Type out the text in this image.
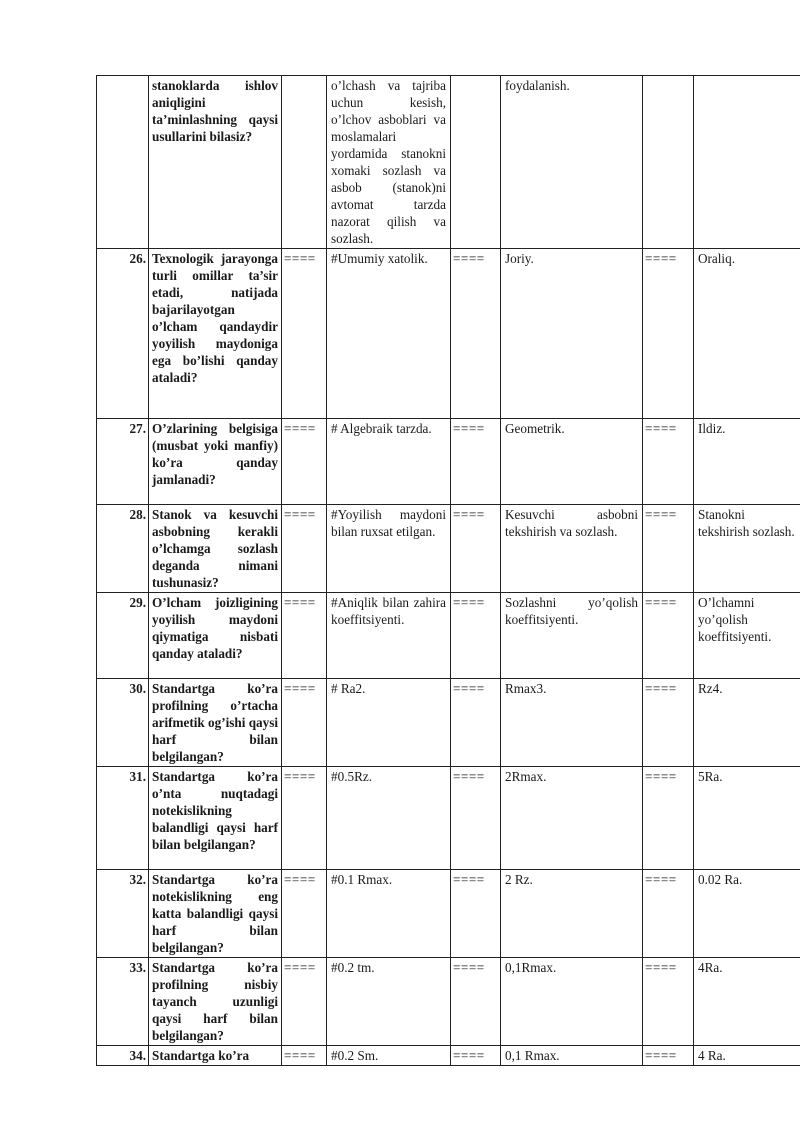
	stanoklarda ishlov aniqligini ta’minlashning qaysi usullarini bilasiz?		o’lchash va tajriba uchun kesish, o’lchov asboblari va moslamalari yordamida stanokni xomaki sozlash va asbob (stanok)ni avtomat tarzda nazorat qilish va sozlash.		foydalanish.		
26.	Texnologik jarayonga turli omillar ta’sir etadi, natijada bajarilayotgan o’lcham qandaydir yoyilish maydoniga ega bo’lishi qanday ataladi?	====	#Umumiy xatolik.	====	Joriy.	====	Oraliq.
27.	O’zlarining belgisiga (musbat yoki manfiy) ko’ra qanday jamlanadi?	====	# Algebraik tarzda.	====	Geometrik.	====	Ildiz.
28.	Stanok va kesuvchi asbobning kerakli o’lchamga sozlash deganda nimani tushunasiz?	====	#Yoyilish maydoni bilan ruxsat etilgan.	====	Kesuvchi asbobni tekshirish va sozlash.	====	Stanokni tekshirish sozlash.
29.	O’lcham joizligining yoyilish maydoni qiymatiga nisbati qanday ataladi?	====	#Aniqlik bilan zahira koeffitsiyenti.	====	Sozlashni yo’qolish koeffitsiyenti.	====	O’lchamni yo’qolish koeffitsiyenti.
30.	Standartga ko’ra profilning o’rtacha arifmetik og’ishi qaysi harf bilan belgilangan?	====	# Ra2.	====	Rmax3.	====	Rz4.
31.	Standartga ko’ra o’nta nuqtadagi notekislikning balandligi qaysi harf bilan belgilangan?	====	#0.5Rz.	====	2Rmax.	====	5Ra.
32.	Standartga ko’ra notekislikning eng katta balandligi qaysi harf bilan belgilangan?	====	#0.1 Rmax.	====	2 Rz.	====	0.02 Ra.
33.	Standartga ko’ra profilning nisbiy tayanch uzunligi qaysi harf bilan belgilangan?	====	#0.2 tm.	====	0,1Rmax.	====	4Ra.
34.	Standartga ko’ra	====	#0.2 Sm.	====	0,1 Rmax.	====	4 Ra.
